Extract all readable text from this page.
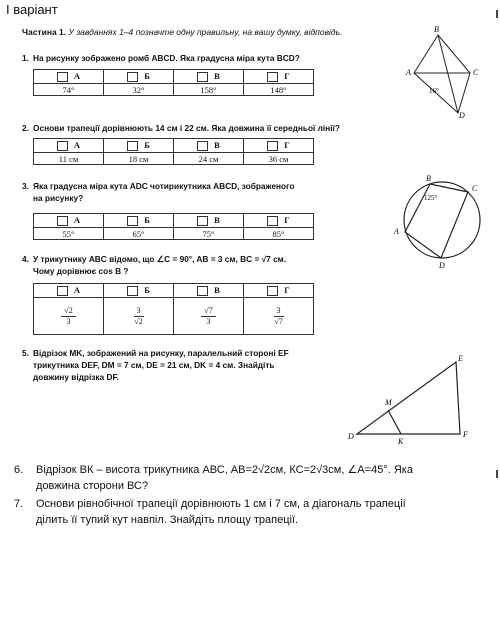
І варіант
Частина 1. У завданнях 1–4 позначте одну правильну, на вашу думку, відповідь.
1. На рисунку зображено ромб ABCD. Яка градусна міра кута BCD?
А	Б	В	Г
74°	32°	158°	148°
2. Основи трапеції дорівнюють 14 см і 22 см. Яка довжина її середньої лінії?
А	Б	В	Г
11 см	18 см	24 см	36 см
3. Яка градусна міра кута ADC чотирикутника ABCD, зображеного
на рисунку?
А	Б	В	Г
55°	65°	75°	85°
4. У трикутнику ABC відомо, що ∠C = 90°, AB = 3 см, BC = √7 см.
Чому дорівнює cos B ?
А	Б	В	Г

$\frac{√2}{3}$	$\frac{3}{√2}$	$\frac{√7}{3}$	$\frac{3}{√7}$
5. Відрізок MK, зображений на рисунку, паралельний стороні EF
трикутника DEF, DM = 7 см, DE = 21 см, DK = 4 см. Знайдіть
довжину відрізка DF.
6. Відрізок ВК – висота трикутника АВС, АВ=2√2см, КС=2√3см, ∠А=45°. Яка
довжина сторони ВС?
7. Основи рівнобічної трапеції дорівнюють 1 см і 7 см, а діагональ трапеції
ділить її тупий кут навпіл. Знайдіть площу трапеції.
B
A	C
D
16°
B
C
A
D
125°
E
M
D
K
F
